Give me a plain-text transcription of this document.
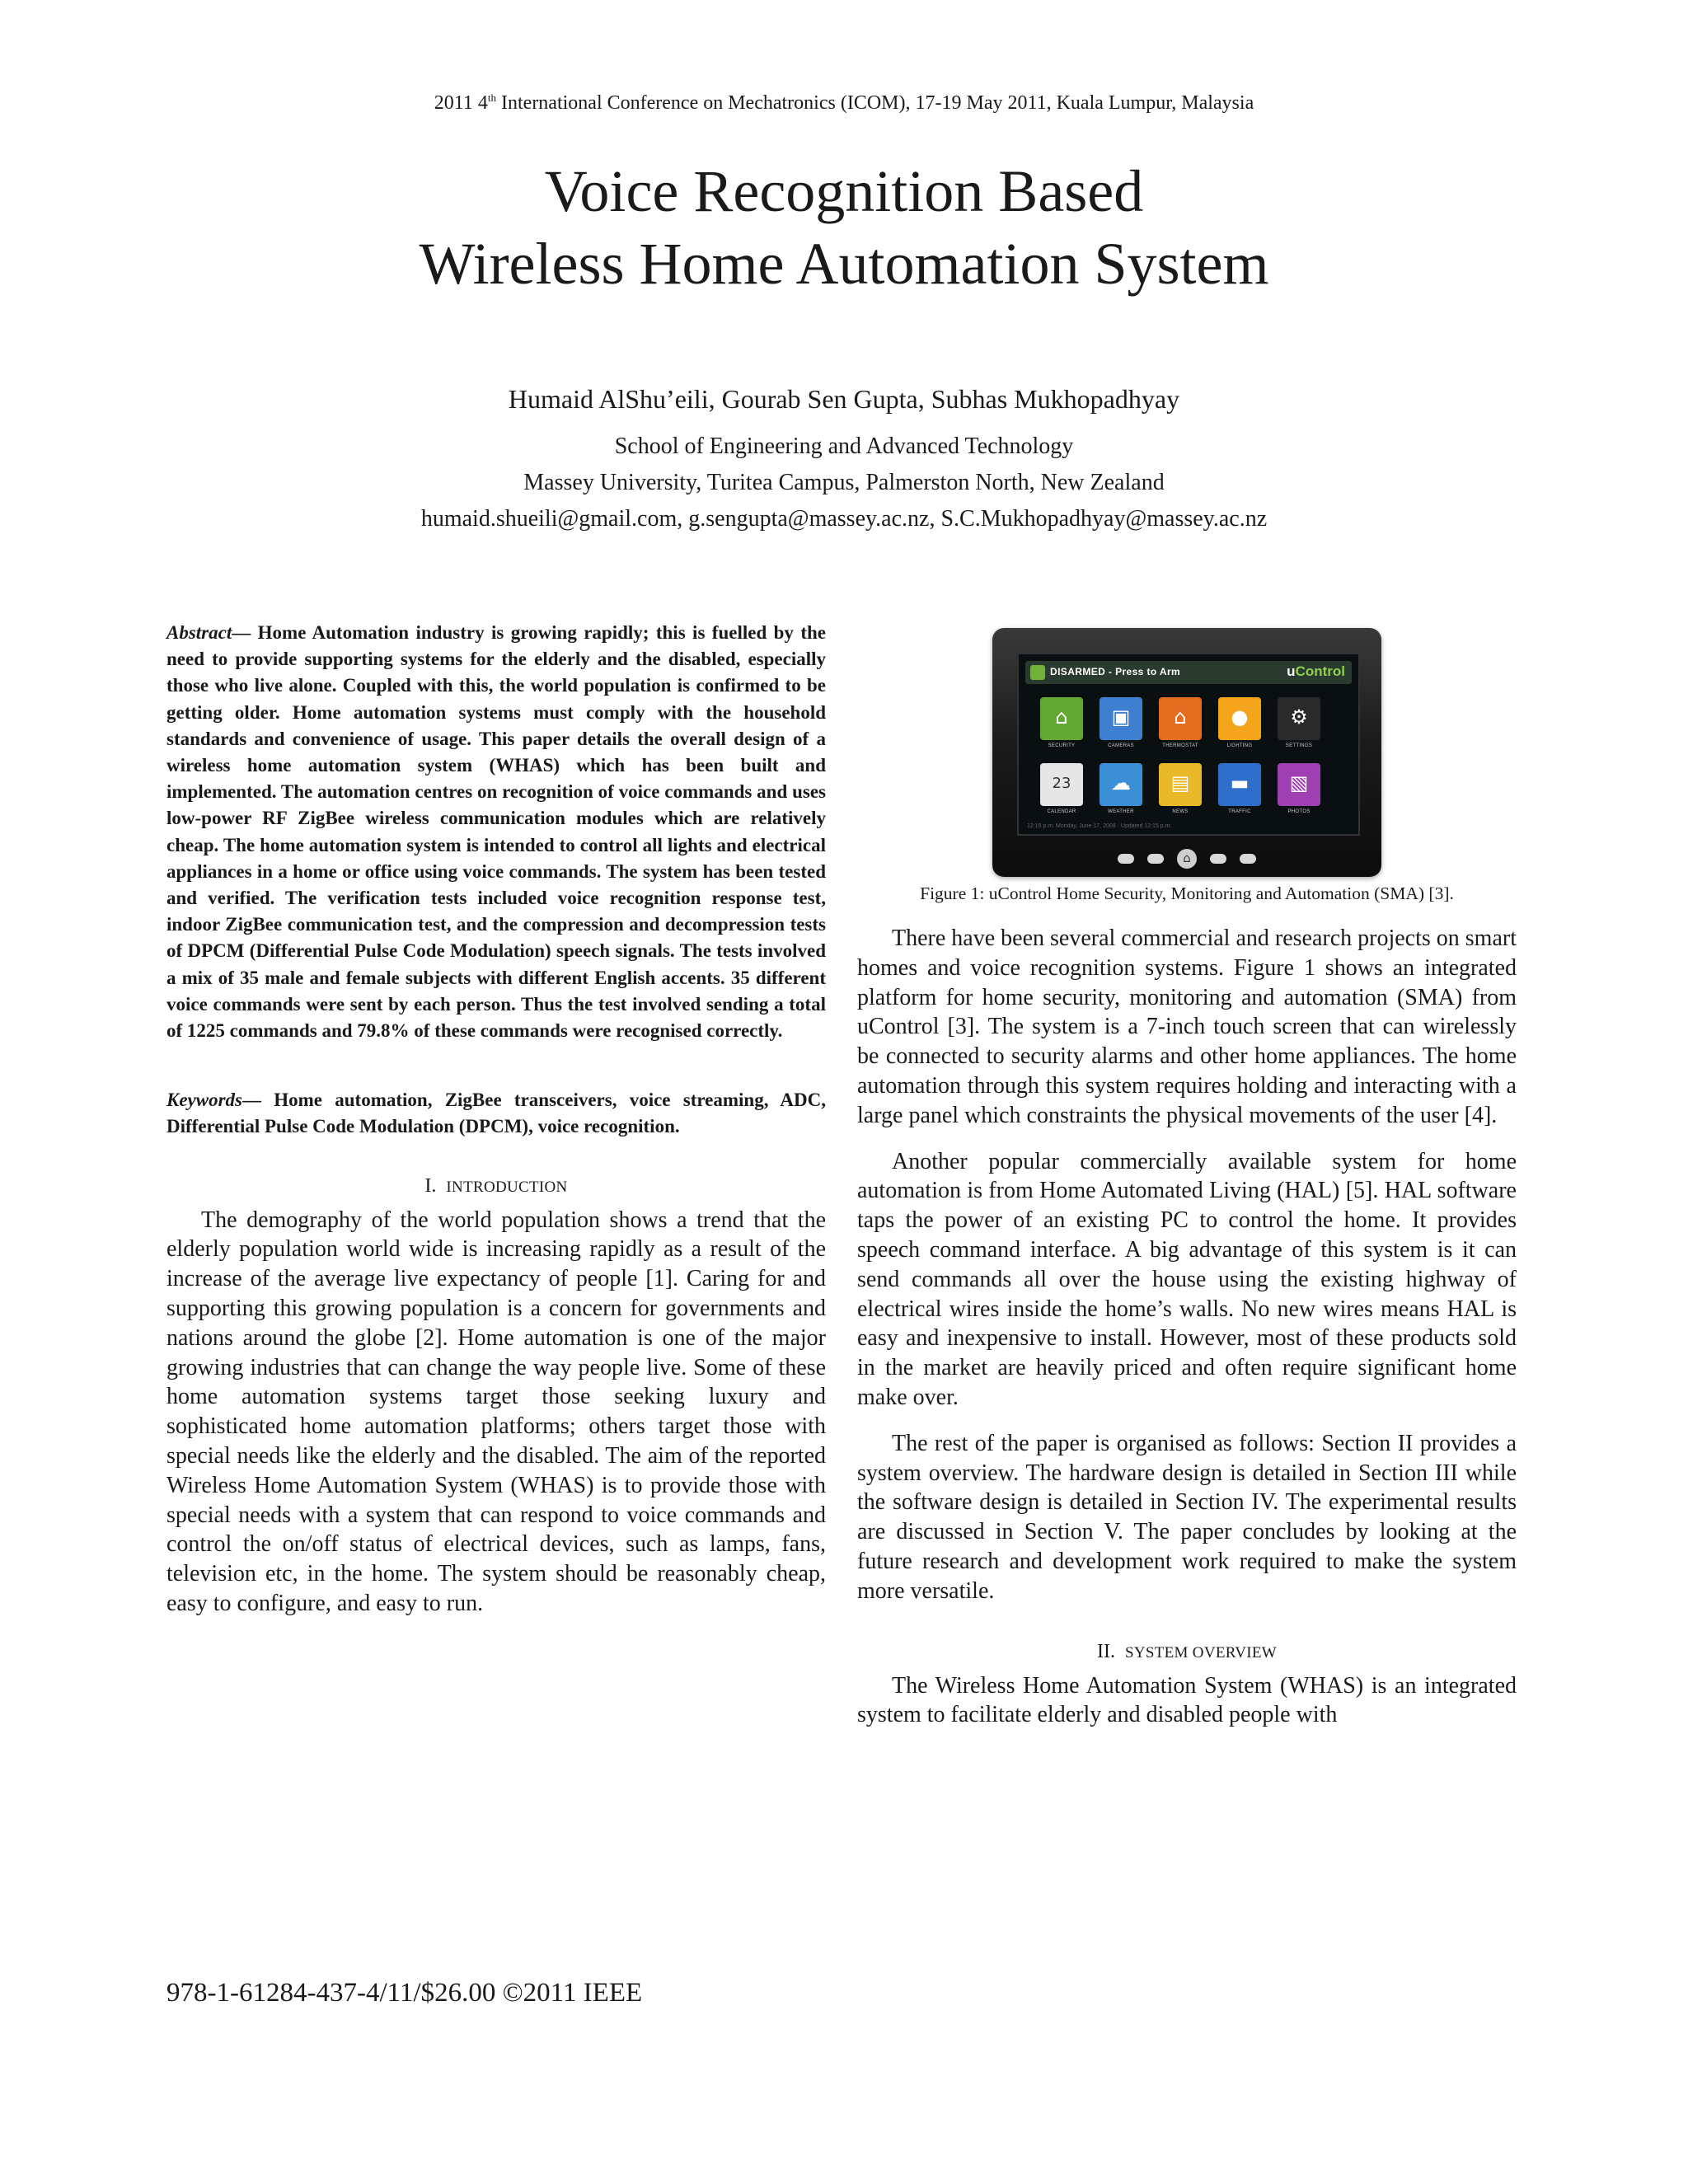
2011 4th International Conference on Mechatronics (ICOM), 17-19 May 2011, Kuala Lumpur, Malaysia
Voice Recognition Based
Wireless Home Automation System
Humaid AlShu’eili, Gourab Sen Gupta, Subhas Mukhopadhyay
School of Engineering and Advanced Technology
Massey University, Turitea Campus, Palmerston North, New Zealand
humaid.shueili@gmail.com, g.sengupta@massey.ac.nz, S.C.Mukhopadhyay@massey.ac.nz

Abstract— Home Automation industry is growing rapidly; this is fuelled by the need to provide supporting systems for the elderly and the disabled, especially those who live alone. Coupled with this, the world population is confirmed to be getting older. Home automation systems must comply with the household standards and convenience of usage. This paper details the overall design of a wireless home automation system (WHAS) which has been built and implemented. The automation centres on recognition of voice commands and uses low-power RF ZigBee wireless communication modules which are relatively cheap. The home automation system is intended to control all lights and electrical appliances in a home or office using voice commands. The system has been tested and verified. The verification tests included voice recognition response test, indoor ZigBee communication test, and the compression and decompression tests of DPCM (Differential Pulse Code Modulation) speech signals. The tests involved a mix of 35 male and female subjects with different English accents. 35 different voice commands were sent by each person. Thus the test involved sending a total of 1225 commands and 79.8% of these commands were recognised correctly.

Keywords— Home automation, ZigBee transceivers, voice streaming, ADC, Differential Pulse Code Modulation (DPCM), voice recognition.

I. INTRODUCTION

The demography of the world population shows a trend that the elderly population world wide is increasing rapidly as a result of the increase of the average live expectancy of people [1]. Caring for and supporting this growing population is a concern for governments and nations around the globe [2]. Home automation is one of the major growing industries that can change the way people live. Some of these home automation systems target those seeking luxury and sophisticated home automation platforms; others target those with special needs like the elderly and the disabled. The aim of the reported Wireless Home Automation System (WHAS) is to provide those with special needs with a system that can respond to voice commands and control the on/off status of electrical devices, such as lamps, fans, television etc, in the home. The system should be reasonably cheap, easy to configure, and easy to run.

DISARMED - Press to Arm	uControl
⌂
SECURITY
▣
CAMERAS
⌂
THERMOSTAT
●
LIGHTING
⚙
SETTINGS
23
CALENDAR
☁
WEATHER
▤
NEWS
▬
TRAFFIC
▧
PHOTOS
12:15 p.m. Monday, June 17, 2008 · Updated 12:15 p.m.
⌂

Figure 1: uControl Home Security, Monitoring and Automation (SMA) [3].

There have been several commercial and research projects on smart homes and voice recognition systems. Figure 1 shows an integrated platform for home security, monitoring and automation (SMA) from uControl [3]. The system is a 7-inch touch screen that can wirelessly be connected to security alarms and other home appliances. The home automation through this system requires holding and interacting with a large panel which constraints the physical movements of the user [4].

Another popular commercially available system for home automation is from Home Automated Living (HAL) [5]. HAL software taps the power of an existing PC to control the home. It provides speech command interface. A big advantage of this system is it can send commands all over the house using the existing highway of electrical wires inside the home’s walls. No new wires means HAL is easy and inexpensive to install. However, most of these products sold in the market are heavily priced and often require significant home make over.

The rest of the paper is organised as follows: Section II provides a system overview. The hardware design is detailed in Section III while the software design is detailed in Section IV. The experimental results are discussed in Section V. The paper concludes by looking at the future research and development work required to make the system more versatile.

II. SYSTEM OVERVIEW

The Wireless Home Automation System (WHAS) is an integrated system to facilitate elderly and disabled people with

978-1-61284-437-4/11/$26.00 ©2011 IEEE
